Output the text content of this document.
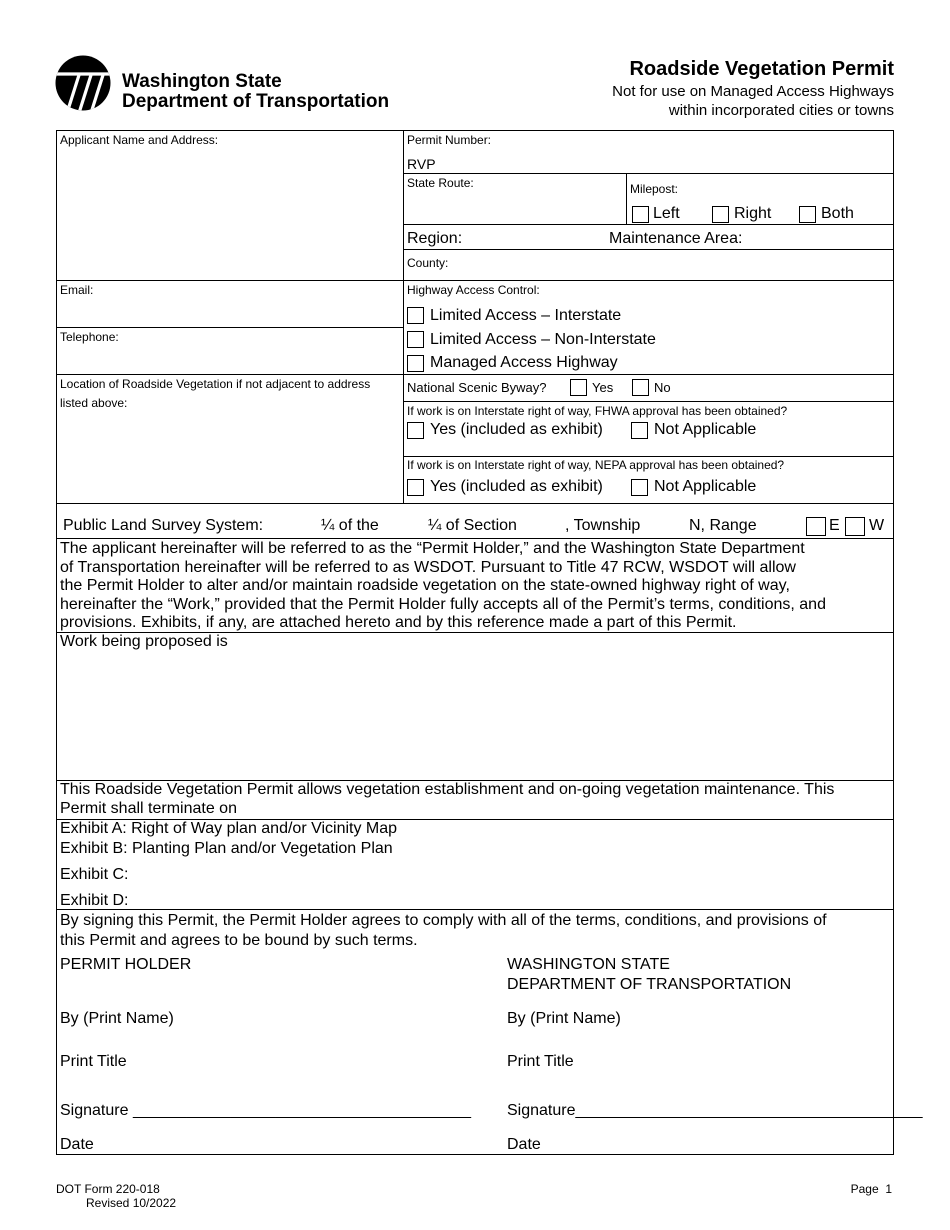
Washington State
Department of Transportation
Roadside Vegetation Permit
Not for use on Managed Access Highways
within incorporated cities or towns
Applicant Name and Address:
Email:
Telephone:
Location of Roadside Vegetation if not adjacent to address
listed above:
Permit Number:
RVP
State Route:	Milepost:
Left	Right	Both
Region:	Maintenance Area:
County:
Highway Access Control:
Limited Access – Interstate
Limited Access – Non-Interstate
Managed Access Highway
National Scenic Byway?	Yes	No
If work is on Interstate right of way, FHWA approval has been obtained?
Yes (included as exhibit)	Not Applicable
If work is on Interstate right of way, NEPA approval has been obtained?
Yes (included as exhibit)	Not Applicable
Public Land Survey System:	¼ of the	¼ of Section	, Township	N, Range	E W
The applicant hereinafter will be referred to as the “Permit Holder,” and the Washington State Department
of Transportation hereinafter will be referred to as WSDOT. Pursuant to Title 47 RCW, WSDOT will allow
the Permit Holder to alter and/or maintain roadside vegetation on the state-owned highway right of way,
hereinafter the “Work,” provided that the Permit Holder fully accepts all of the Permit’s terms, conditions, and
provisions. Exhibits, if any, are attached hereto and by this reference made a part of this Permit.
Work being proposed is
This Roadside Vegetation Permit allows vegetation establishment and on-going vegetation maintenance. This
Permit shall terminate on
Exhibit A: Right of Way plan and/or Vicinity Map
Exhibit B: Planting Plan and/or Vegetation Plan
Exhibit C:
Exhibit D:
By signing this Permit, the Permit Holder agrees to comply with all of the terms, conditions, and provisions of
this Permit and agrees to be bound by such terms.
PERMIT HOLDER	WASHINGTON STATE
DEPARTMENT OF TRANSPORTATION
By (Print Name)	By (Print Name)
Print Title	Print Title
Signature ______________________________________ Signature_______________________________________
Date	Date
DOT Form 220-018
Revised 10/2022
Page  1
